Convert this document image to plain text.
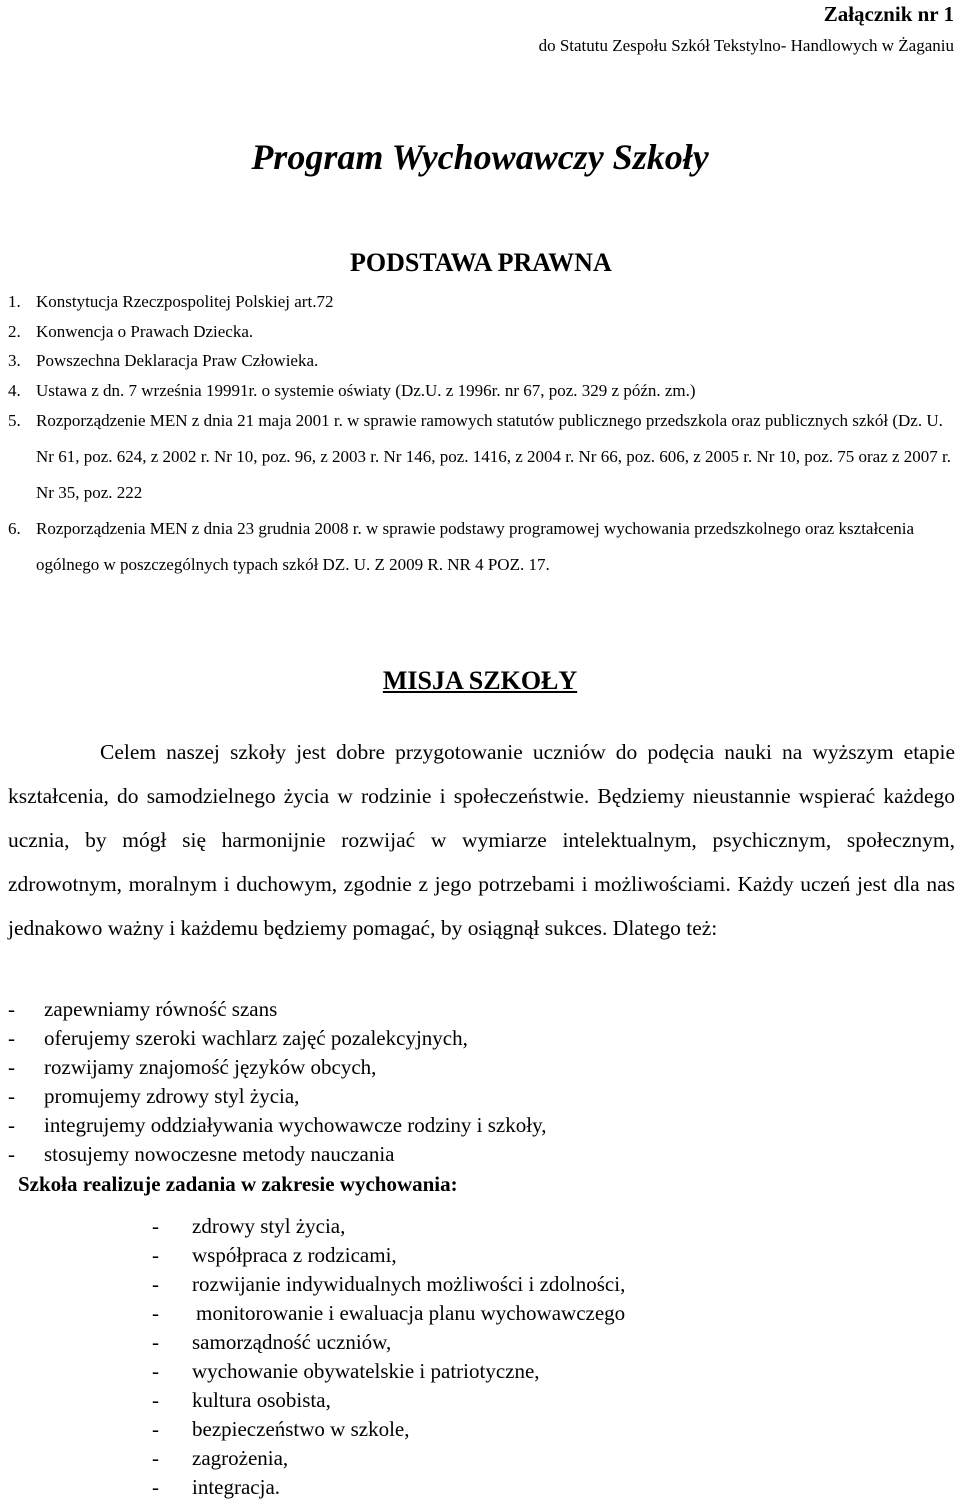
Załącznik nr 1

do Statutu Zespołu Szkół Tekstylno- Handlowych w Żaganiu

Program Wychowawczy Szkoły
PODSTAWA PRAWNA
1. Konstytucja Rzeczpospolitej Polskiej art.72
2. Konwencja o Prawach Dziecka.
3. Powszechna Deklaracja Praw Człowieka.
4. Ustawa z dn. 7 września 19991r. o systemie oświaty (Dz.U. z 1996r. nr 67, poz. 329 z późn. zm.)
5. Rozporządzenie MEN z dnia 21 maja 2001 r. w sprawie ramowych statutów publicznego przedszkola oraz publicznych szkół (Dz. U. Nr 61, poz. 624, z 2002 r. Nr 10, poz. 96, z 2003 r. Nr 146, poz. 1416, z 2004 r. Nr 66, poz. 606, z 2005 r. Nr 10, poz. 75 oraz z 2007 r. Nr 35, poz. 222
6. Rozporządzenia MEN z dnia 23 grudnia 2008 r. w sprawie podstawy programowej wychowania przedszkolnego oraz kształcenia ogólnego w poszczególnych typach szkół DZ. U. Z 2009 R. NR 4 POZ. 17.
MISJA SZKOŁY

Celem naszej szkoły jest dobre przygotowanie uczniów do podęcia nauki na wyższym etapie kształcenia, do samodzielnego życia w rodzinie i społeczeństwie. Będziemy nieustannie wspierać każdego ucznia, by mógł się harmonijnie rozwijać w wymiarze intelektualnym, psychicznym, społecznym, zdrowotnym, moralnym i duchowym, zgodnie z jego potrzebami i możliwościami. Każdy uczeń jest dla nas jednakowo ważny i każdemu będziemy pomagać, by osiągnął sukces. Dlatego też:

- zapewniamy równość szans
- oferujemy szeroki wachlarz zajęć pozalekcyjnych,
- rozwijamy znajomość języków obcych,
- promujemy zdrowy styl życia,
- integrujemy oddziaływania wychowawcze rodziny i szkoły,
- stosujemy nowoczesne metody nauczania
Szkoła realizuje zadania w zakresie wychowania:
- zdrowy styl życia,
- współpraca z rodzicami,
- rozwijanie indywidualnych możliwości i zdolności,
- monitorowanie i ewaluacja planu wychowawczego
- samorządność uczniów,
- wychowanie obywatelskie i patriotyczne,
- kultura osobista,
- bezpieczeństwo w szkole,
- zagrożenia,
- integracja.
